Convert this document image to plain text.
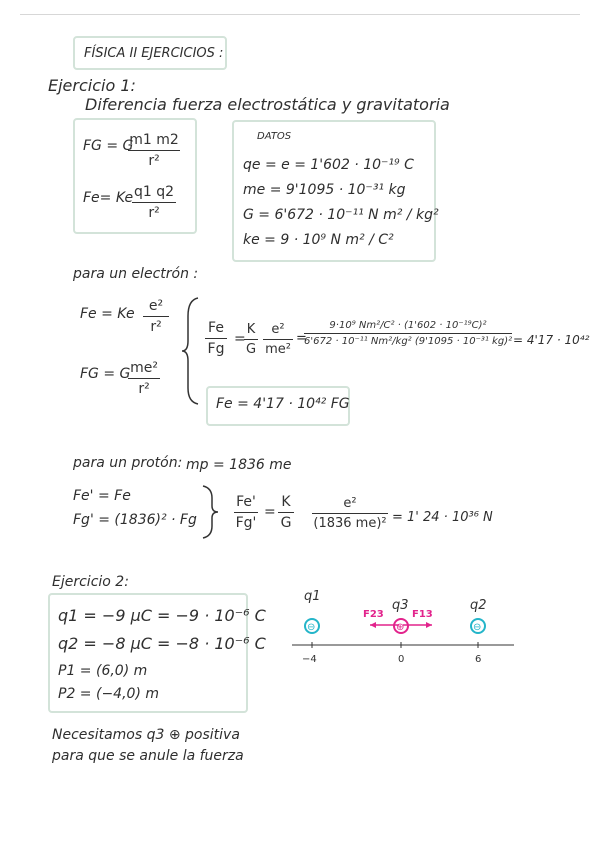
FÍSICA II EJERCICIOS :
Ejercicio 1:
Diferencia fuerza electrostática y gravitatoria
FG = G
m1 m2
r²
Fe= Ke q1 q2
r²
DATOS
qe = e = 1'602 · 10⁻¹⁹ C
me = 9'1095 · 10⁻³¹ kg
G = 6'672 · 10⁻¹¹ N m² / kg²
ke = 9 · 10⁹ N m² / C²
para un electrón :
Fe = Ke	e²
r²
FG = G me²
r²
Fe
Fg
=
K
G
e²
me²
=
9·10⁹ Nm²/C² · (1'602 · 10⁻¹⁹C)²
6'672 · 10⁻¹¹ Nm²/kg² (9'1095 · 10⁻³¹ kg)² = 4'17 · 10⁴²
Fe = 4'17 · 10⁴² FG
para un protón: mp = 1836 me
Fe' = Fe
Fg' = (1836)² · Fg
Fe'
Fg'
=
K
G
e²
(1836 me)² = 1' 24 · 10³⁶ N
Ejercicio 2:
q1 = −9 μC = −9 · 10⁻⁶ C
q2 = −8 μC = −8 · 10⁻⁶ C
P1 = (6,0) m
P2 = (−4,0) m
Necesitamos q3 ⊕ positiva
para que se anule la fuerza
q1
q3	q2
F23	F13
⊖	⊕	⊖
−4	0	6
